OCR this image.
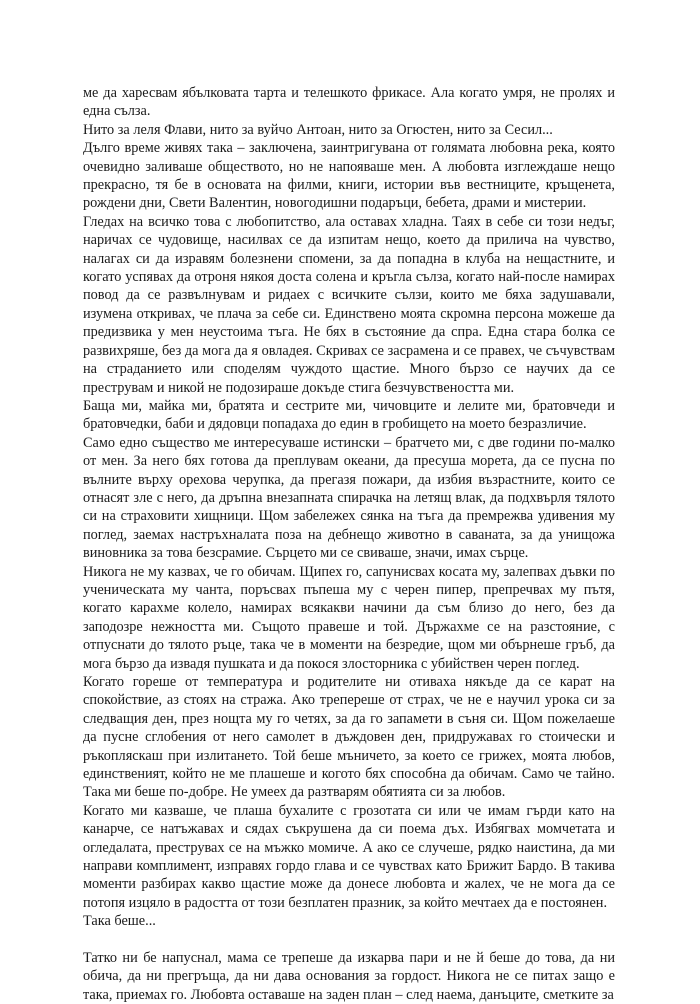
ме да харесвам ябълковата тарта и телешкото фрикасе. Ала когато умря, не пролях и една сълза.

Нито за леля Флави, нито за вуйчо Антоан, нито за Огюстен, нито за Сесил...

Дълго време живях така – заключена, заинтригувана от голямата любовна река, която очевидно заливаше обществото, но не напояваше мен. А любовта изглеждаше нещо прекрасно, тя бе в основата на филми, книги, истории във вестниците, кръщенета, рождени дни, Свети Валентин, новогодишни подаръци, бебета, драми и мистерии.

Гледах на всичко това с любопитство, ала оставах хладна. Таях в себе си този недъг, наричах се чудовище, насилвах се да изпитам нещо, което да прилича на чувство, налагах си да изравям болезнени спомени, за да попадна в клуба на нещастните, и когато успявах да отроня някоя доста солена и кръгла сълза, когато най-после намирах повод да се развълнувам и ридаех с всичките сълзи, които ме бяха задушавали, изумена откривах, че плача за себе си. Единствено моята скромна персона можеше да предизвика у мен неустоима тъга. Не бях в състояние да спра. Една стара болка се развихряше, без да мога да я овладея. Скривах се засрамена и се правех, че съчувствам на страданието или споделям чуждото щастие. Много бързо се научих да се преструвам и никой не подозираше докъде стига безчувствеността ми.

Баща ми, майка ми, братята и сестрите ми, чичовците и лелите ми, братовчеди и братовчедки, баби и дядовци попадаха до един в гробището на моето безразличие.

Само едно същество ме интересуваше истински – братчето ми, с две години по-малко от мен. За него бях готова да преплувам океани, да пресуша морета, да се пусна по вълните върху орехова черупка, да прегазя пожари, да избия възрастните, които се отнасят зле с него, да дръпна внезапната спирачка на летящ влак, да подхвърля тялото си на страховити хищници. Щом забележех сянка на тъга да премрежва удивения му поглед, заемах настръхналата поза на дебнещо животно в саваната, за да унищожа виновника за това безсрамие. Сърцето ми се свиваше, значи, имах сърце.

Никога не му казвах, че го обичам. Щипех го, сапунисвах косата му, залепвах дъвки по ученическата му чанта, поръсвах пъпеша му с черен пипер, препречвах му пътя, когато карахме колело, намирах всякакви начини да съм близо до него, без да заподозре нежността ми. Същото правеше и той. Държахме се на разстояние, с отпуснати до тялото ръце, така че в моменти на безредие, щом ми обърнеше гръб, да мога бързо да извадя пушката и да покося злосторника с убийствен черен поглед.

Когато гореше от температура и родителите ни отиваха някъде да се карат на спокойствие, аз стоях на стража. Ако трепереше от страх, че не е научил урока си за следващия ден, през нощта му го четях, за да го запамети в съня си. Щом пожелаеше да пусне сглобения от него самолет в дъждовен ден, придружавах го стоически и ръкопляскаш при излитането. Той беше мъничето, за което се грижех, моята любов, единственият, който не ме плашеше и когото бях способна да обичам. Само че тайно. Така ми беше по-добре. Не умеех да разтварям обятията си за любов.

Когато ми казваше, че плаша бухалите с грозотата си или че имам гърди като на канарче, се натъжавах и сядах съкрушена да си поема дъх. Избягвах момчетата и огледалата, преструвах се на мъжко момиче. А ако се случеше, рядко наистина, да ми направи комплимент, изправях гордо глава и се чувствах като Брижит Бардо. В такива моменти разбирах какво щастие може да донесе любовта и жалех, че не мога да се потопя изцяло в радостта от този безплатен празник, за който мечтаех да е постоянен.

Така беше...

Татко ни бе напуснал, мама се трепеше да изкарва пари и не й беше до това, да ни обича, да ни прегръща, да ни дава основания за гордост. Никога не се питах защо е така, приемах го. Любовта оставаше на заден план – след наема, данъците, сметките за
